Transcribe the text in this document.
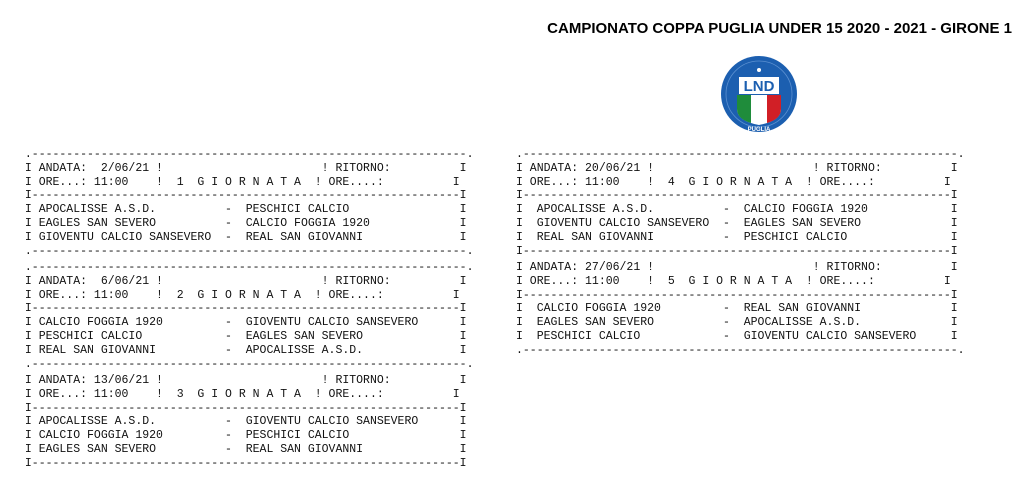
CAMPIONATO COPPA PUGLIA UNDER 15 2020 - 2021 - GIRONE 1
LND
PUGLIA
.---------------------------------------------------------------.
I ANDATA:  2/06/21 !                       ! RITORNO:          I
I ORE...: 11:00    !  1  G I O R N A T A  ! ORE....:          I
I--------------------------------------------------------------I
I APOCALISSE A.S.D.          -  PESCHICI CALCIO                I
I EAGLES SAN SEVERO          -  CALCIO FOGGIA 1920             I
I GIOVENTU CALCIO SANSEVERO  -  REAL SAN GIOVANNI              I
.---------------------------------------------------------------.
.---------------------------------------------------------------.
I ANDATA: 20/06/21 !                       ! RITORNO:          I
I ORE...: 11:00    !  4  G I O R N A T A  ! ORE....:          I
I--------------------------------------------------------------I
I  APOCALISSE A.S.D.          -  CALCIO FOGGIA 1920            I
I  GIOVENTU CALCIO SANSEVERO  -  EAGLES SAN SEVERO             I
I  REAL SAN GIOVANNI          -  PESCHICI CALCIO               I
I--------------------------------------------------------------I
.---------------------------------------------------------------.
I ANDATA:  6/06/21 !                       ! RITORNO:          I
I ORE...: 11:00    !  2  G I O R N A T A  ! ORE....:          I
I--------------------------------------------------------------I
I CALCIO FOGGIA 1920         -  GIOVENTU CALCIO SANSEVERO      I
I PESCHICI CALCIO            -  EAGLES SAN SEVERO              I
I REAL SAN GIOVANNI          -  APOCALISSE A.S.D.              I
.---------------------------------------------------------------.
I ANDATA: 27/06/21 !                       ! RITORNO:          I
I ORE...: 11:00    !  5  G I O R N A T A  ! ORE....:          I
I--------------------------------------------------------------I
I  CALCIO FOGGIA 1920         -  REAL SAN GIOVANNI             I
I  EAGLES SAN SEVERO          -  APOCALISSE A.S.D.             I
I  PESCHICI CALCIO            -  GIOVENTU CALCIO SANSEVERO     I
.---------------------------------------------------------------.
I ANDATA: 13/06/21 !                       ! RITORNO:          I
I ORE...: 11:00    !  3  G I O R N A T A  ! ORE....:          I
I--------------------------------------------------------------I
I APOCALISSE A.S.D.          -  GIOVENTU CALCIO SANSEVERO      I
I CALCIO FOGGIA 1920         -  PESCHICI CALCIO                I
I EAGLES SAN SEVERO          -  REAL SAN GIOVANNI              I
I--------------------------------------------------------------I
